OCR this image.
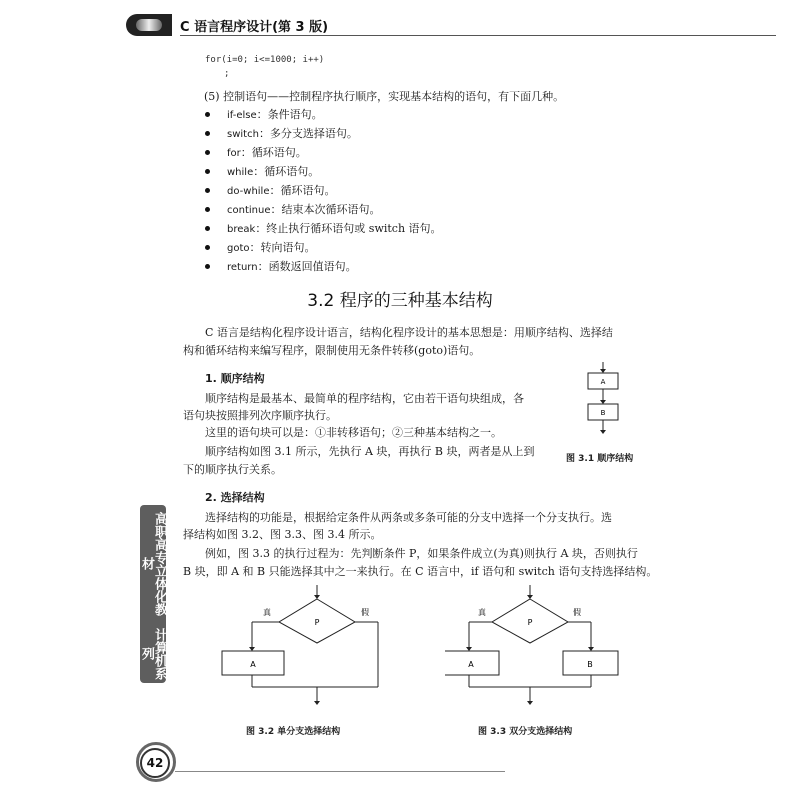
C 语言程序设计(第 3 版)
for(i=0; i<=1000; i++)
;
(5) 控制语句——控制程序执行顺序，实现基本结构的语句，有下面几种。
if-else：条件语句。
switch：多分支选择语句。
for：循环语句。
while：循环语句。
do-while：循环语句。
continue：结束本次循环语句。
break：终止执行循环语句或 switch 语句。
goto：转向语句。
return：函数返回值语句。
3.2 程序的三种基本结构
C 语言是结构化程序设计语言，结构化程序设计的基本思想是：用顺序结构、选择结
构和循环结构来编写程序，限制使用无条件转移(goto)语句。
1. 顺序结构
顺序结构是最基本、最简单的程序结构，它由若干语句块组成，各
语句块按照排列次序顺序执行。
这里的语句块可以是：①非转移语句；②三种基本结构之一。
顺序结构如图 3.1 所示，先执行 A 块，再执行 B 块，两者是从上到
下的顺序执行关系。
A
B
图 3.1 顺序结构
2. 选择结构
选择结构的功能是，根据给定条件从两条或多条可能的分支中选择一个分支执行。选
择结构如图 3.2、图 3.3、图 3.4 所示。
例如，图 3.3 的执行过程为：先判断条件 P，如果条件成立(为真)则执行 A 块，否则执行
B 块，即 A 和 B 只能选择其中之一来执行。在 C 语言中，if 语句和 switch 语句支持选择结构。
P
真	假
A
图 3.2 单分支选择结构
P
真	假
A	B
图 3.3 双分支选择结构
高职高专立体化教材
计算机系列
42
